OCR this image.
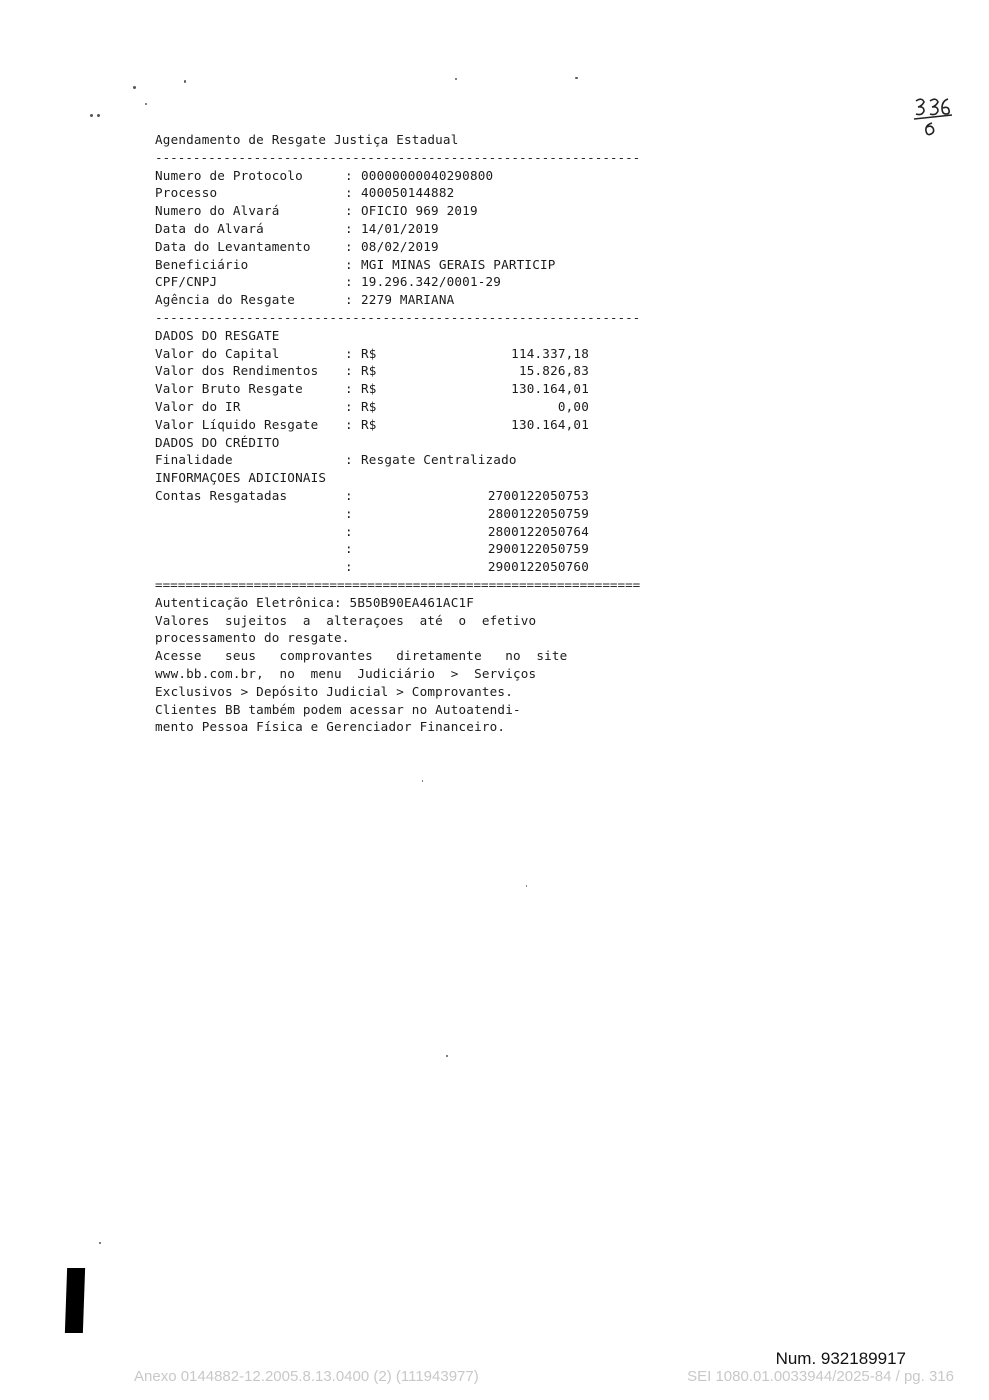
Agendamento de Resgate Justiça Estadual
----------------------------------------------------------------
Numero de Protocolo	: 00000000040290800
Processo	: 400050144882
Numero do Alvará	: OFICIO 969 2019
Data do Alvará	: 14/01/2019
Data do Levantamento	: 08/02/2019
Beneficiário	: MGI MINAS GERAIS PARTICIP
CPF/CNPJ	: 19.296.342/0001-29
Agência do Resgate	: 2279 MARIANA
----------------------------------------------------------------
DADOS DO RESGATE
Valor do Capital	: R$	114.337,18
Valor dos Rendimentos	: R$	15.826,83
Valor Bruto Resgate	: R$	130.164,01
Valor do IR	: R$	0,00
Valor Líquido Resgate	: R$	130.164,01
DADOS DO CRÉDITO
Finalidade	: Resgate Centralizado
INFORMAÇOES ADICIONAIS
Contas Resgatadas	:	2700122050753
:	2800122050759
:	2800122050764
:	2900122050759
:	2900122050760
================================================================
Autenticação Eletrônica: 5B50B90EA461AC1F
Valores  sujeitos  a  alteraçoes  até  o  efetivo
processamento do resgate.
Acesse   seus   comprovantes   diretamente   no  site
www.bb.com.br,  no  menu  Judiciário  >  Serviços
Exclusivos > Depósito Judicial > Comprovantes.
Clientes BB também podem acessar no Autoatendi-
mento Pessoa Física e Gerenciador Financeiro.
Num. 932189917
Anexo 0144882-12.2005.8.13.0400 (2) (111943977)	SEI 1080.01.0033944/2025-84 / pg. 316
